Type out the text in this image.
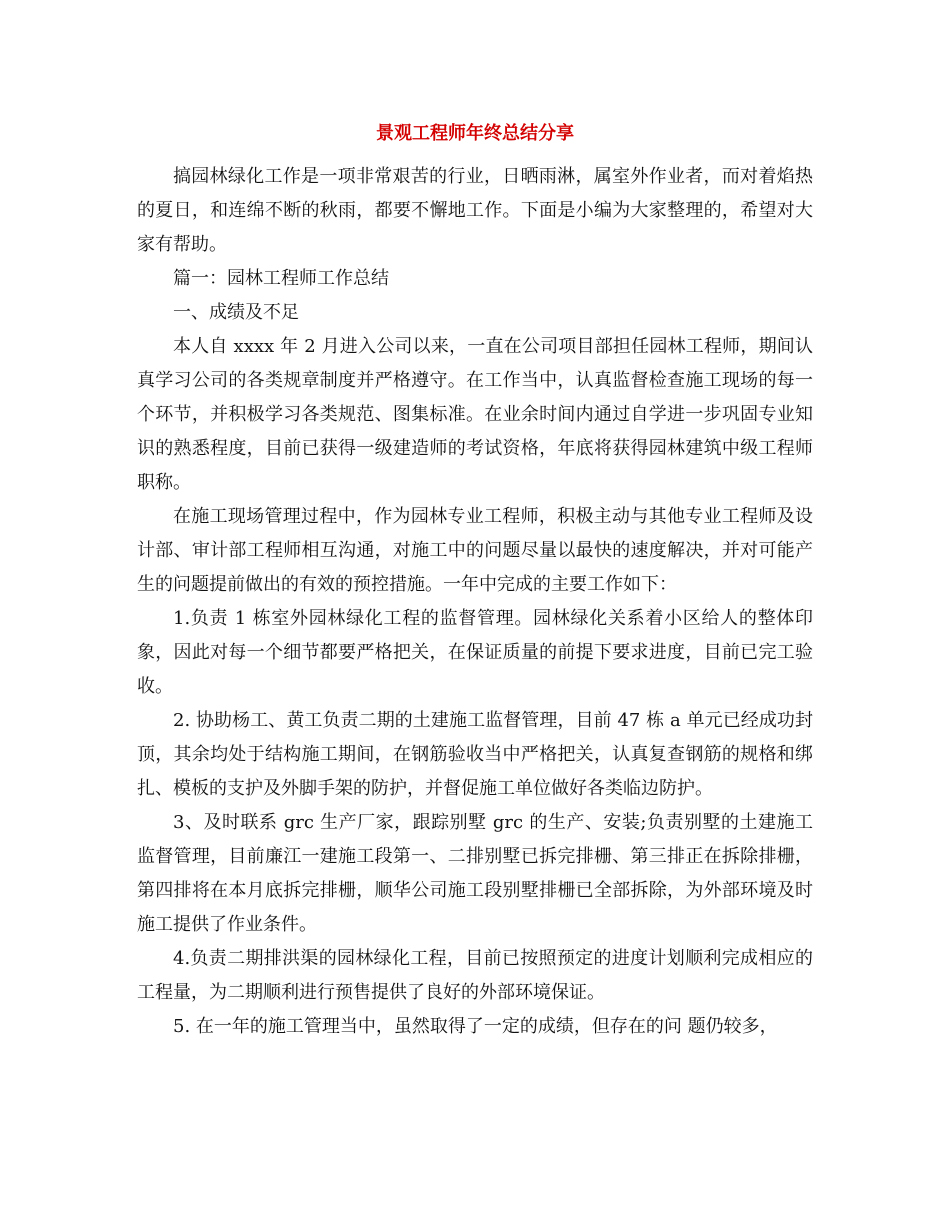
景观工程师年终总结分享

搞园林绿化工作是一项非常艰苦的行业，日晒雨淋，属室外作业者，而对着焰热的夏日，和连绵不断的秋雨，都要不懈地工作。下面是小编为大家整理的，希望对大家有帮助。

篇一：园林工程师工作总结

一、成绩及不足

本人自 xxxx 年 2 月进入公司以来，一直在公司项目部担任园林工程师，期间认真学习公司的各类规章制度并严格遵守。在工作当中，认真监督检查施工现场的每一个环节，并积极学习各类规范、图集标准。在业余时间内通过自学进一步巩固专业知识的熟悉程度，目前已获得一级建造师的考试资格，年底将获得园林建筑中级工程师职称。

在施工现场管理过程中，作为园林专业工程师，积极主动与其他专业工程师及设计部、审计部工程师相互沟通，对施工中的问题尽量以最快的速度解决，并对可能产生的问题提前做出的有效的预控措施。一年中完成的主要工作如下：

1.负责 1 栋室外园林绿化工程的监督管理。园林绿化关系着小区给人的整体印象，因此对每一个细节都要严格把关，在保证质量的前提下要求进度，目前已完工验收。

2. 协助杨工、黄工负责二期的土建施工监督管理，目前 47 栋 a 单元已经成功封顶，其余均处于结构施工期间，在钢筋验收当中严格把关，认真复查钢筋的规格和绑扎、模板的支护及外脚手架的防护，并督促施工单位做好各类临边防护。

3、及时联系 grc 生产厂家，跟踪别墅 grc 的生产、安装;负责别墅的土建施工监督管理，目前廉江一建施工段第一、二排别墅已拆完排栅、第三排正在拆除排栅，第四排将在本月底拆完排栅，顺华公司施工段别墅排栅已全部拆除，为外部环境及时施工提供了作业条件。

4.负责二期排洪渠的园林绿化工程，目前已按照预定的进度计划顺利完成相应的工程量，为二期顺利进行预售提供了良好的外部环境保证。

5. 在一年的施工管理当中，虽然取得了一定的成绩，但存在的问 题仍较多，
